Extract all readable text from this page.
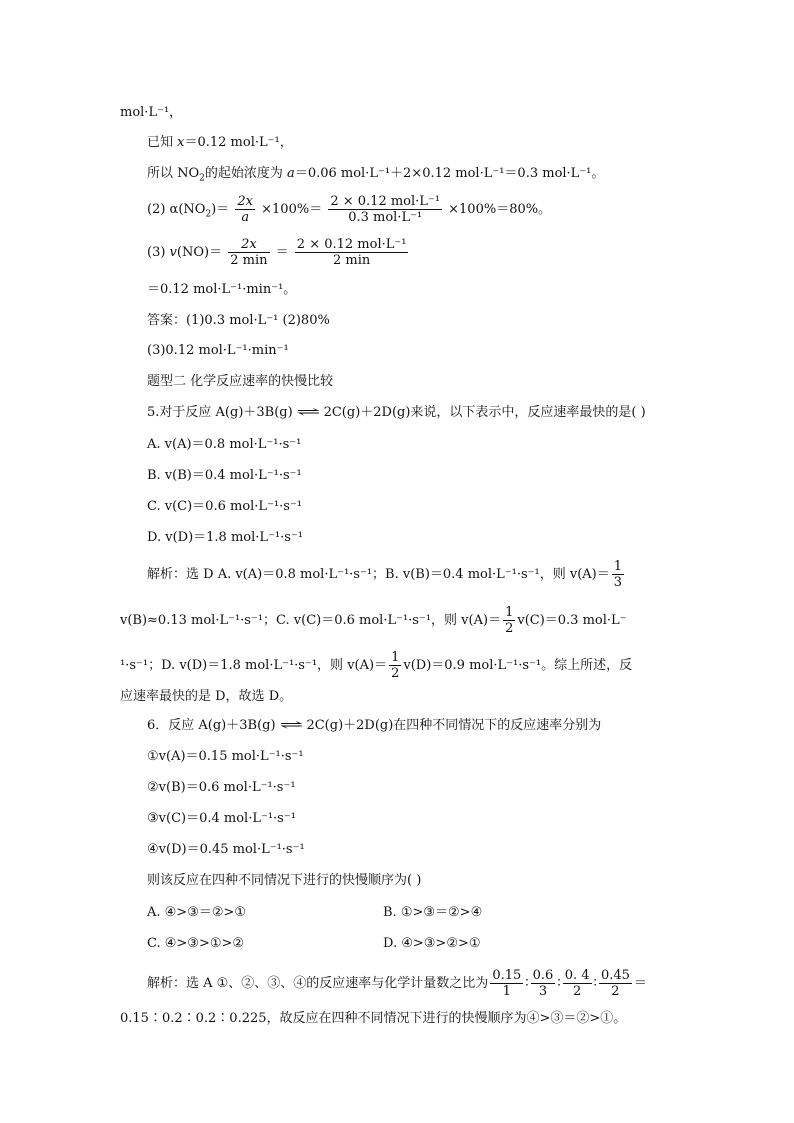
mol·L⁻¹，
已知 x＝0.12 mol·L⁻¹，
所以 $NO_2$的起始浓度为 a＝0.06 mol·L⁻¹＋2×0.12 mol·L⁻¹＝0.3 mol·L⁻¹。
(2) $\alpha(NO_2)= \frac{2x}{a} \times 100\%= \frac{\text{2 × 0.12 mol·L⁻¹}}{\text{0.3 mol·L⁻¹}} \times 100\%=80\%$。
(3) $v(NO)= \frac{2x}{2 \min} = \frac{\text{2 × 0.12 mol·L⁻¹}}{2 \min}$
＝0.12 mol·L⁻¹·min⁻¹。
答案：(1)0.3 mol·L⁻¹ (2)80%
(3)0.12 mol·L⁻¹·min⁻¹
题型二 化学反应速率的快慢比较
5.对于反应 A(g)＋3B(g) ⇌ 2C(g)＋2D(g)来说，以下表示中，反应速率最快的是( )
A. v(A)＝0.8 mol·L⁻¹·s⁻¹
B. v(B)＝0.4 mol·L⁻¹·s⁻¹
C. v(C)＝0.6 mol·L⁻¹·s⁻¹
D. v(D)＝1.8 mol·L⁻¹·s⁻¹
解析：选 D A. v(A)＝0.8 mol·L⁻¹·s⁻¹；B. v(B)＝0.4 mol·L⁻¹·s⁻¹，则 $v(A)= \frac{1}{3}$
v(B)≈0.13 mol·L⁻¹·s⁻¹；C. v(C)＝0.6 mol·L⁻¹·s⁻¹，则 $v(A)= \frac{1}{2} v(C)=0.3$ mol·L⁻
¹·s⁻¹；D. v(D)＝1.8 mol·L⁻¹·s⁻¹，则 $v(A)= \frac{1}{2} v(D)=0.9$ mol·L⁻¹·s⁻¹。综上所述，反
应速率最快的是 D，故选 D。
6．反应 A(g)＋3B(g) ⇌ 2C(g)＋2D(g)在四种不同情况下的反应速率分别为
①v(A)＝0.15 mol·L⁻¹·s⁻¹
②v(B)＝0.6 mol·L⁻¹·s⁻¹
③v(C)＝0.4 mol·L⁻¹·s⁻¹
④v(D)＝0.45 mol·L⁻¹·s⁻¹
则该反应在四种不同情况下进行的快慢顺序为( )
A. ④>③＝②>①	B. ①>③＝②>④
C. ④>③>①>②	D. ④>③>②>①
解析：选 A ①、②、③、④的反应速率与化学计量数之比为 $\frac{0.15}{1}$ ∶ $\frac{0.6}{3}$ ∶ $\frac{0. 4}{2}$ ∶ $\frac{0.45}{2}$ ＝
0.15∶0.2∶0.2∶0.225，故反应在四种不同情况下进行的快慢顺序为④>③＝②>①。
